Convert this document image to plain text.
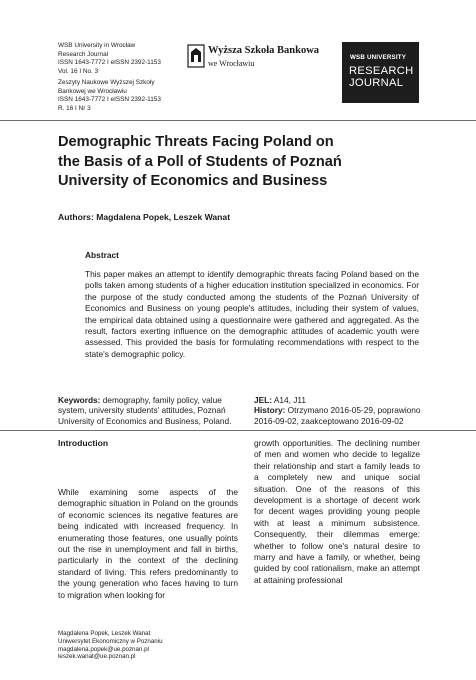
WSB University in Wrocław
Research Journal
ISSN 1643-7772 I eISSN 2392-1153
Vol. 16 I No. 3
Zeszyty Naukowe Wyższej Szkoły
Bankowej we Wrocławiu
ISSN 1643-7772 I eISSN 2392-1153
R. 16 I Nr 3
Wyższa Szkoła Bankowa
we Wrocławiu
WSB UNIVERSITY
RESEARCH
JOURNAL
Demographic Threats Facing Poland on
the Basis of a Poll of Students of Poznań
University of Economics and Business
Authors: Magdalena Popek, Leszek Wanat
Abstract
This paper makes an attempt to identify demographic threats facing Poland based on the polls taken among students of a higher education institution specialized in economics. For the purpose of the study conducted among the students of the Poznań University of Economics and Business on young people's attitudes, including their system of values, the empirical data obtained using a questionnaire were gathered and aggregated. As the result, factors exerting influence on the demographic attitudes of academic youth were assessed. This provided the basis for formulating recommendations with respect to the state's demographic policy.
Keywords: demography, family policy, value system, university students' attitudes, Poznań University of Economics and Business, Poland.
JEL: A14, J11
History: Otrzymano 2016-05-29, poprawiono 2016-09-02, zaakceptowano 2016-09-02
Introduction
While examining some aspects of the demographic situation in Poland on the grounds of economic sciences its negative features are being indicated with increased frequency. In enumerating those features, one usually points out the rise in unemployment and fall in births, particularly in the context of the declining standard of living. This refers predominantly to the young generation who faces having to turn to migration when looking for
growth opportunities. The declining number of men and women who decide to legalize their relationship and start a family leads to a completely new and unique social situation. One of the reasons of this development is a shortage of decent work for decent wages providing young people with at least a minimum subsistence. Consequently, their dilemmas emerge: whether to follow one's natural desire to marry and have a family, or whether, being guided by cool rationalism, make an attempt at attaining professional
Magdalena Popek, Leszek Wanat
Uniwersytet Ekonomiczny w Poznaniu
magdalena.popek@ue.poznan.pl
leszek.wanat@ue.poznan.pl
